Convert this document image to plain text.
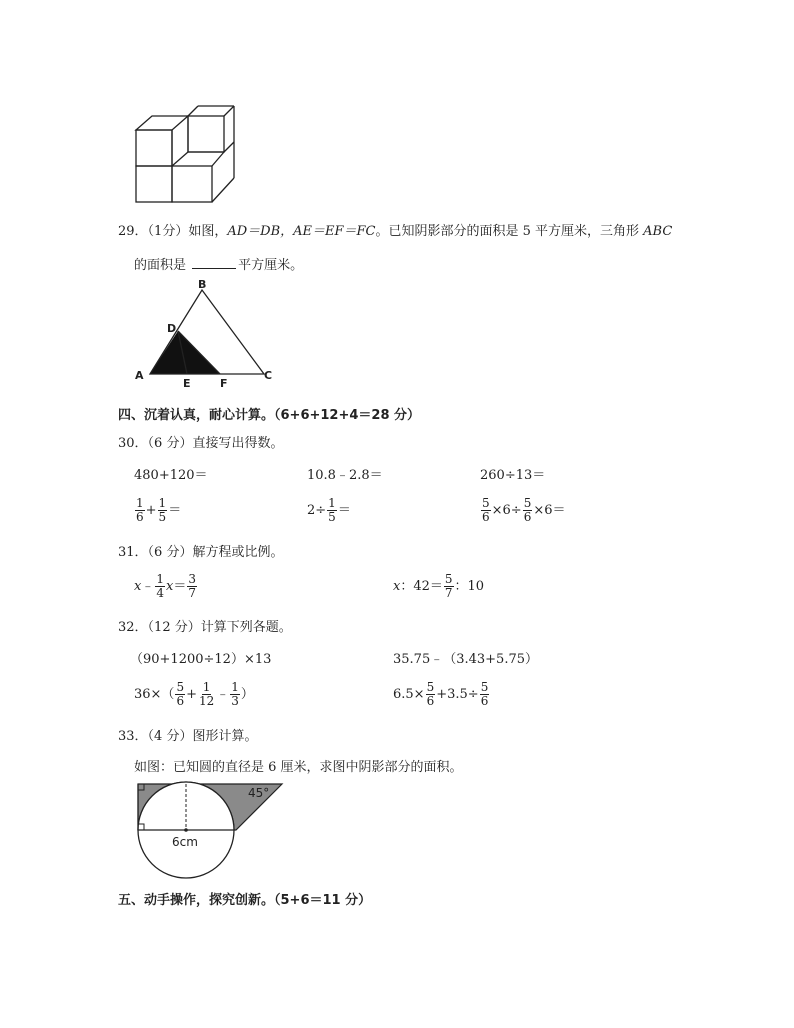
29．（1分）如图，AD＝DB，AE＝EF＝FC。已知阴影部分的面积是 5 平方厘米，三角形 ABC
的面积是	平方厘米。
B
A	C
D
E	F
四、沉着认真，耐心计算。（6+6+12+4＝28 分）
30．（6 分）直接写出得数。
480+120＝	10.8﹣2.8＝	260÷13＝
$\frac{1}{6} + \frac{1}{5}$ ＝	$2\div \frac{1}{5}$ ＝	$\frac{5}{6} \times 6\div \frac{5}{6} \times 6=$
31．（6 分）解方程或比例。
x ﹣ $\frac{1}{4}$ $x = \frac{3}{7}$	x ：$42= \frac{5}{7}$ ：10
32．（12 分）计算下列各题。
（90+1200÷12）×13	35.75﹣（3.43+5.75）
$36\times( \frac{5}{6} + \frac{1}{12}$ ﹣ $\frac{1}{3}$ ）	$6.5\times \frac{5}{6} +3.5\div \frac{5}{6}$
33．（4 分）图形计算。
如图：已知圆的直径是 6 厘米，求图中阴影部分的面积。
45°
6cm
五、动手操作，探究创新。（5+6＝11 分）
